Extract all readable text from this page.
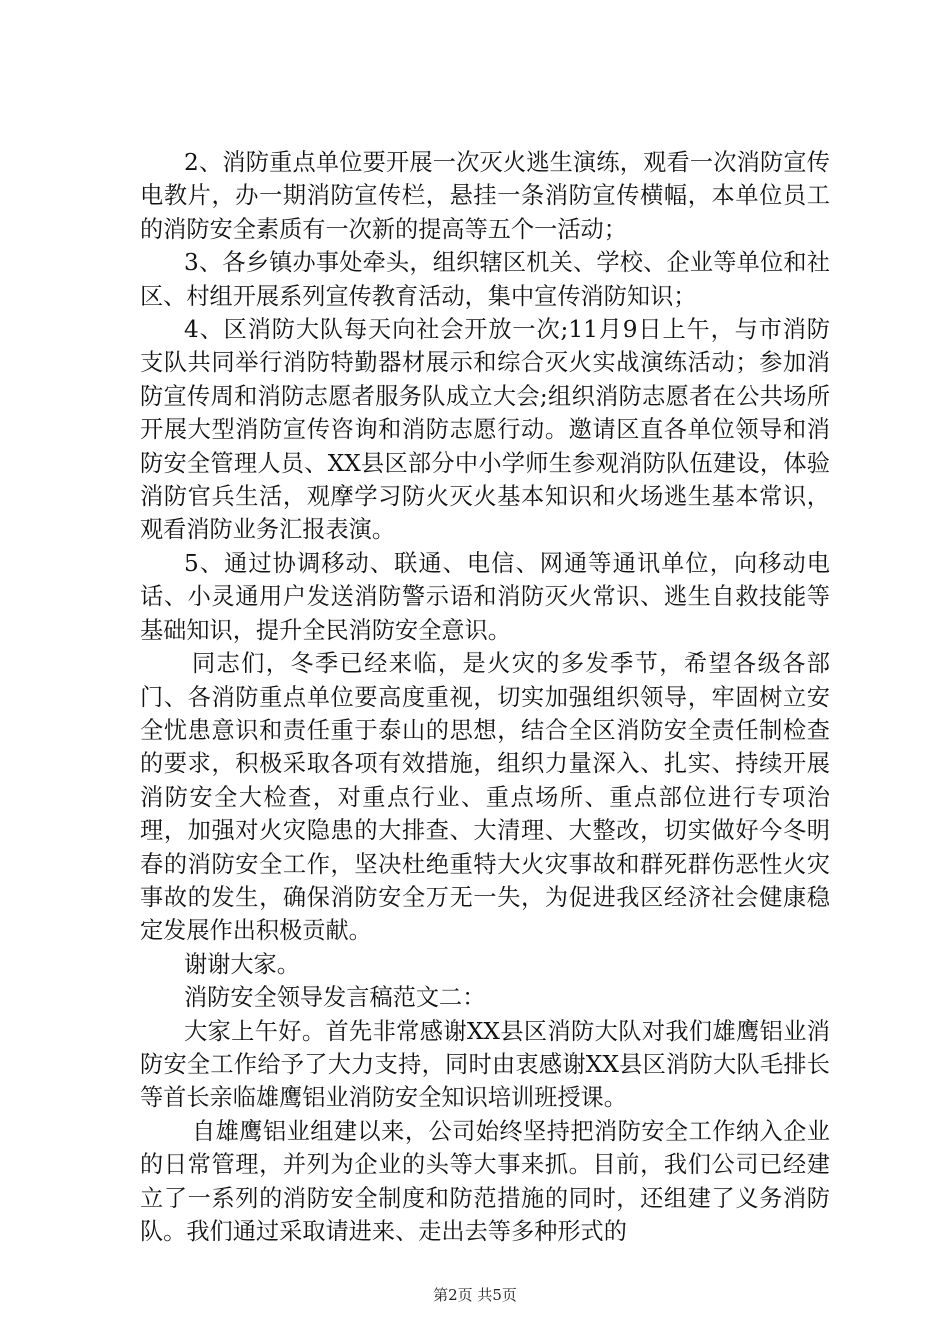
2、消防重点单位要开展一次灭火逃生演练，观看一次消防宣传电教片，办一期消防宣传栏，悬挂一条消防宣传横幅，本单位员工的消防安全素质有一次新的提高等五个一活动；

3、各乡镇办事处牵头，组织辖区机关、学校、企业等单位和社区、村组开展系列宣传教育活动，集中宣传消防知识；

4、区消防大队每天向社会开放一次;11月9日上午，与市消防支队共同举行消防特勤器材展示和综合灭火实战演练活动；参加消防宣传周和消防志愿者服务队成立大会;组织消防志愿者在公共场所开展大型消防宣传咨询和消防志愿行动。邀请区直各单位领导和消防安全管理人员、XX县区部分中小学师生参观消防队伍建设，体验消防官兵生活，观摩学习防火灭火基本知识和火场逃生基本常识，观看消防业务汇报表演。

5、通过协调移动、联通、电信、网通等通讯单位，向移动电话、小灵通用户发送消防警示语和消防灭火常识、逃生自救技能等基础知识，提升全民消防安全意识。

同志们，冬季已经来临，是火灾的多发季节，希望各级各部门、各消防重点单位要高度重视，切实加强组织领导，牢固树立安全忧患意识和责任重于泰山的思想，结合全区消防安全责任制检查的要求，积极采取各项有效措施，组织力量深入、扎实、持续开展消防安全大检查，对重点行业、重点场所、重点部位进行专项治理，加强对火灾隐患的大排查、大清理、大整改，切实做好今冬明春的消防安全工作，坚决杜绝重特大火灾事故和群死群伤恶性火灾事故的发生，确保消防安全万无一失，为促进我区经济社会健康稳定发展作出积极贡献。

谢谢大家。

消防安全领导发言稿范文二：

大家上午好。首先非常感谢XX县区消防大队对我们雄鹰铝业消防安全工作给予了大力支持，同时由衷感谢XX县区消防大队毛排长等首长亲临雄鹰铝业消防安全知识培训班授课。

自雄鹰铝业组建以来，公司始终坚持把消防安全工作纳入企业的日常管理，并列为企业的头等大事来抓。目前，我们公司已经建立了一系列的消防安全制度和防范措施的同时，还组建了义务消防队。我们通过采取请进来、走出去等多种形式的

第2页 共5页
